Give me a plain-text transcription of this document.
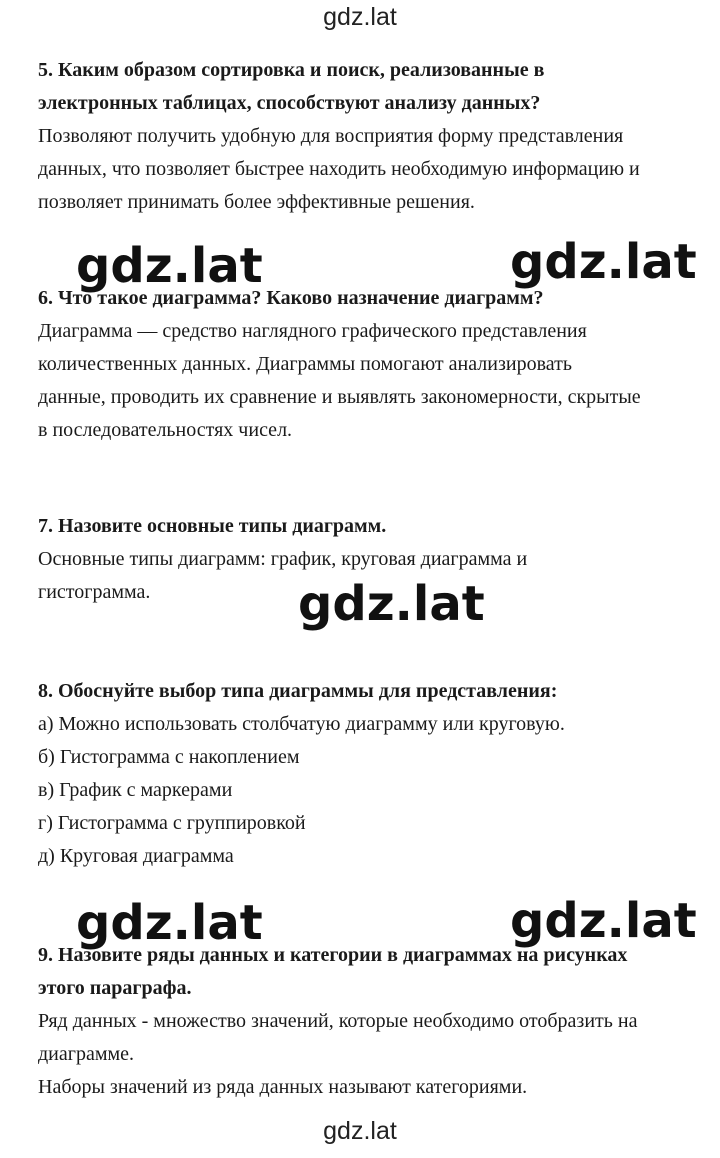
gdz.lat
5. Каким образом сортировка и поиск, реализованные в
электронных таблицах, способствуют анализу данных?
Позволяют получить удобную для восприятия форму представления
данных, что позволяет быстрее находить необходимую информацию и
позволяет принимать более эффективные решения.
6. Что такое диаграмма? Каково назначение диаграмм?
Диаграмма — средство наглядного графического представления
количественных данных. Диаграммы помогают анализировать
данные, проводить их сравнение и выявлять закономерности, скрытые
в последовательностях чисел.
7. Назовите основные типы диаграмм.
Основные типы диаграмм: график, круговая диаграмма и
гистограмма.
8. Обоснуйте выбор типа диаграммы для представления:
а) Можно использовать столбчатую диаграмму или круговую.
б) Гистограмма с накоплением
в) График с маркерами
г) Гистограмма с группировкой
д) Круговая диаграмма
9. Назовите ряды данных и категории в диаграммах на рисунках
этого параграфа.
Ряд данных - множество значений, которые необходимо отобразить на
диаграмме.
Наборы значений из ряда данных называют категориями.
gdz.lat	gdz.lat
gdz.lat
gdz.lat	gdz.lat
gdz.lat
